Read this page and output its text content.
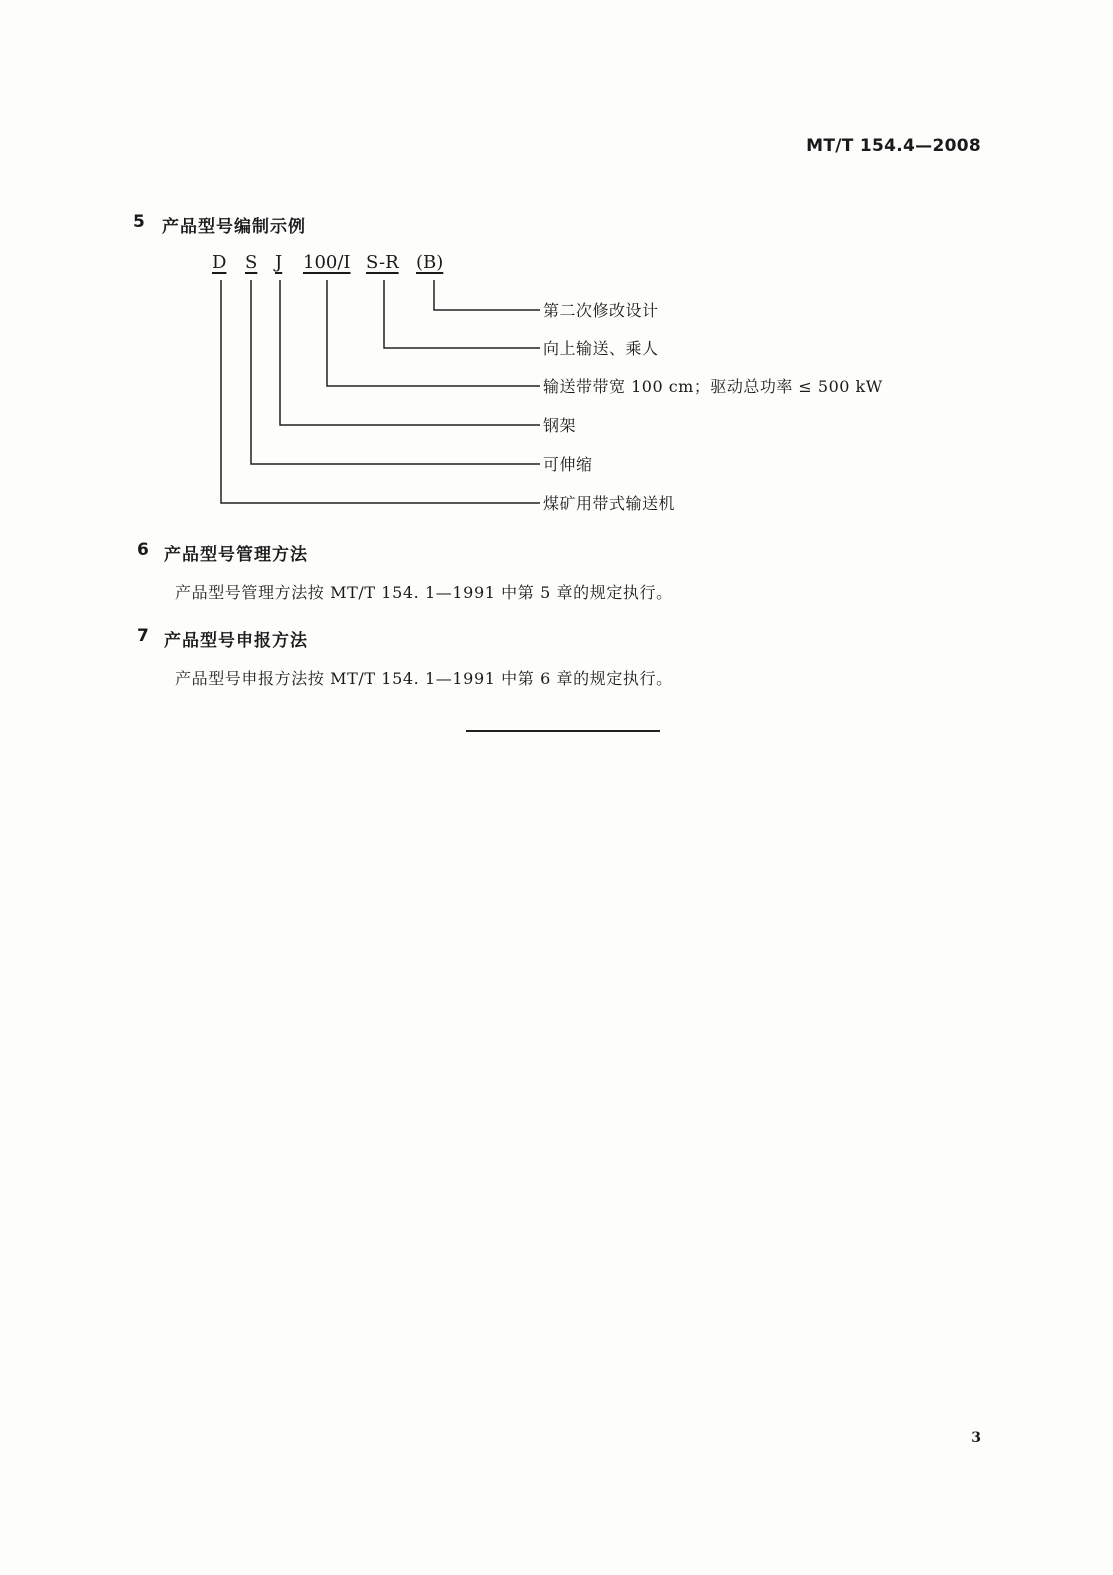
MT/T 154.4—2008
5 产品型号编制示例
D S J 100/I S-R (B)
第二次修改设计
向上输送、乘人
输送带带宽 100 cm；驱动总功率 ≤ 500 kW
钢架
可伸缩
煤矿用带式输送机
6 产品型号管理方法
产品型号管理方法按 MT/T 154. 1—1991 中第 5 章的规定执行。
7 产品型号申报方法
产品型号申报方法按 MT/T 154. 1—1991 中第 6 章的规定执行。
3
